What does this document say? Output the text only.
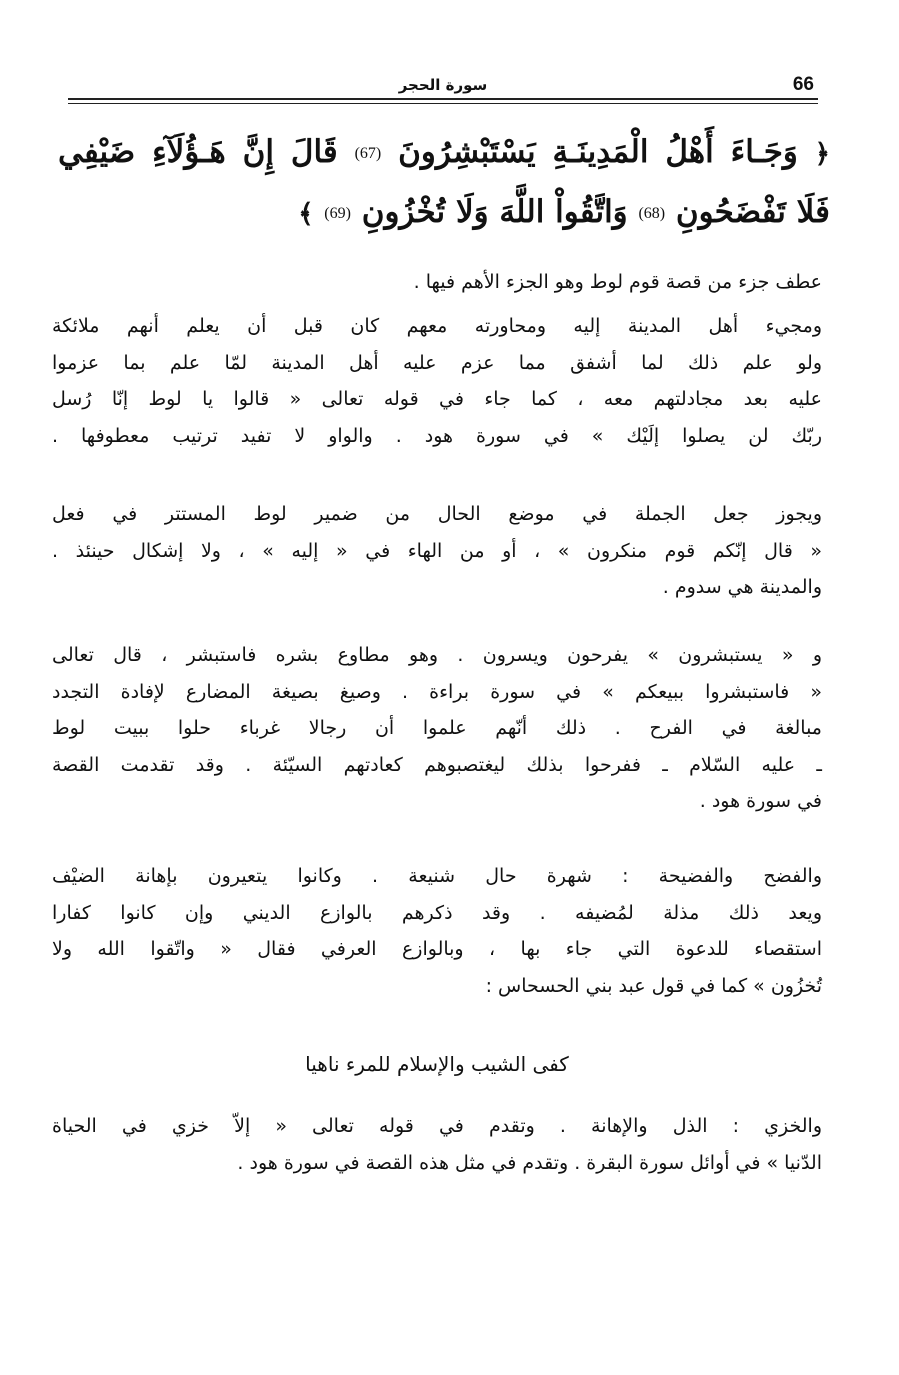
سورة الحجر	66
﴿ وَجَـاءَ أَهْلُ الْمَدِينَـةِ يَسْتَبْشِرُونَ (67) قَالَ إِنَّ هَـؤُلَآءِ ضَيْفِي
فَلَا تَفْضَحُونِ (68) وَاتَّقُواْ اللَّهَ وَلَا تُخْزُونِ (69) ﴾

عطف جزء من قصة قوم لوط وهو الجزء الأهم فيها .

ومجيء أهل المدينة إليه ومحاورته معهم كان قبل أن يعلم أنهم ملائكة
ولو علم ذلك لما أشفق مما عزم عليه أهل المدينة لمّا علم بما عزموا
عليه بعد مجادلتهم معه ، كما جاء في قوله تعالى « قالوا يا لوط إنّا رُسل
ربّك لن يصلوا إلَيْك » في سورة هود . والواو لا تفيد ترتيب معطوفها .

ويجوز جعل الجملة في موضع الحال من ضمير لوط المستتر في فعل
« قال إنّكم قوم منكرون » ، أو من الهاء في « إليه » ، ولا إشكال حينئذ .
والمدينة هي سدوم .

و « يستبشرون » يفرحون ويسرون . وهو مطاوع بشره فاستبشر ، قال تعالى
« فاستبشروا ببيعكم » في سورة براءة . وصيغ بصيغة المضارع لإفادة التجدد
مبالغة في الفرح . ذلك أنّهم علموا أن رجالا غرباء حلوا ببيت لوط
ـ عليه السّلام ـ ففرحوا بذلك ليغتصبوهم كعادتهم السيّئة . وقد تقدمت القصة
في سورة هود .

والفضح والفضيحة : شهرة حال شنيعة . وكانوا يتعيرون بإهانة الضيْف
ويعد ذلك مذلة لمُضيفه . وقد ذكرهم بالوازع الديني وإن كانوا كفارا
استقصاء للدعوة التي جاء بها ، وبالوازع العرفي فقال « واتّقوا الله ولا
تُخزُون » كما في قول عبد بني الحسحاس :

كفى الشيب والإسلام للمرء ناهيا

والخزي : الذل والإهانة . وتقدم في قوله تعالى « إلاّ خزي في الحياة
الدّنيا » في أوائل سورة البقرة . وتقدم في مثل هذه القصة في سورة هود .
